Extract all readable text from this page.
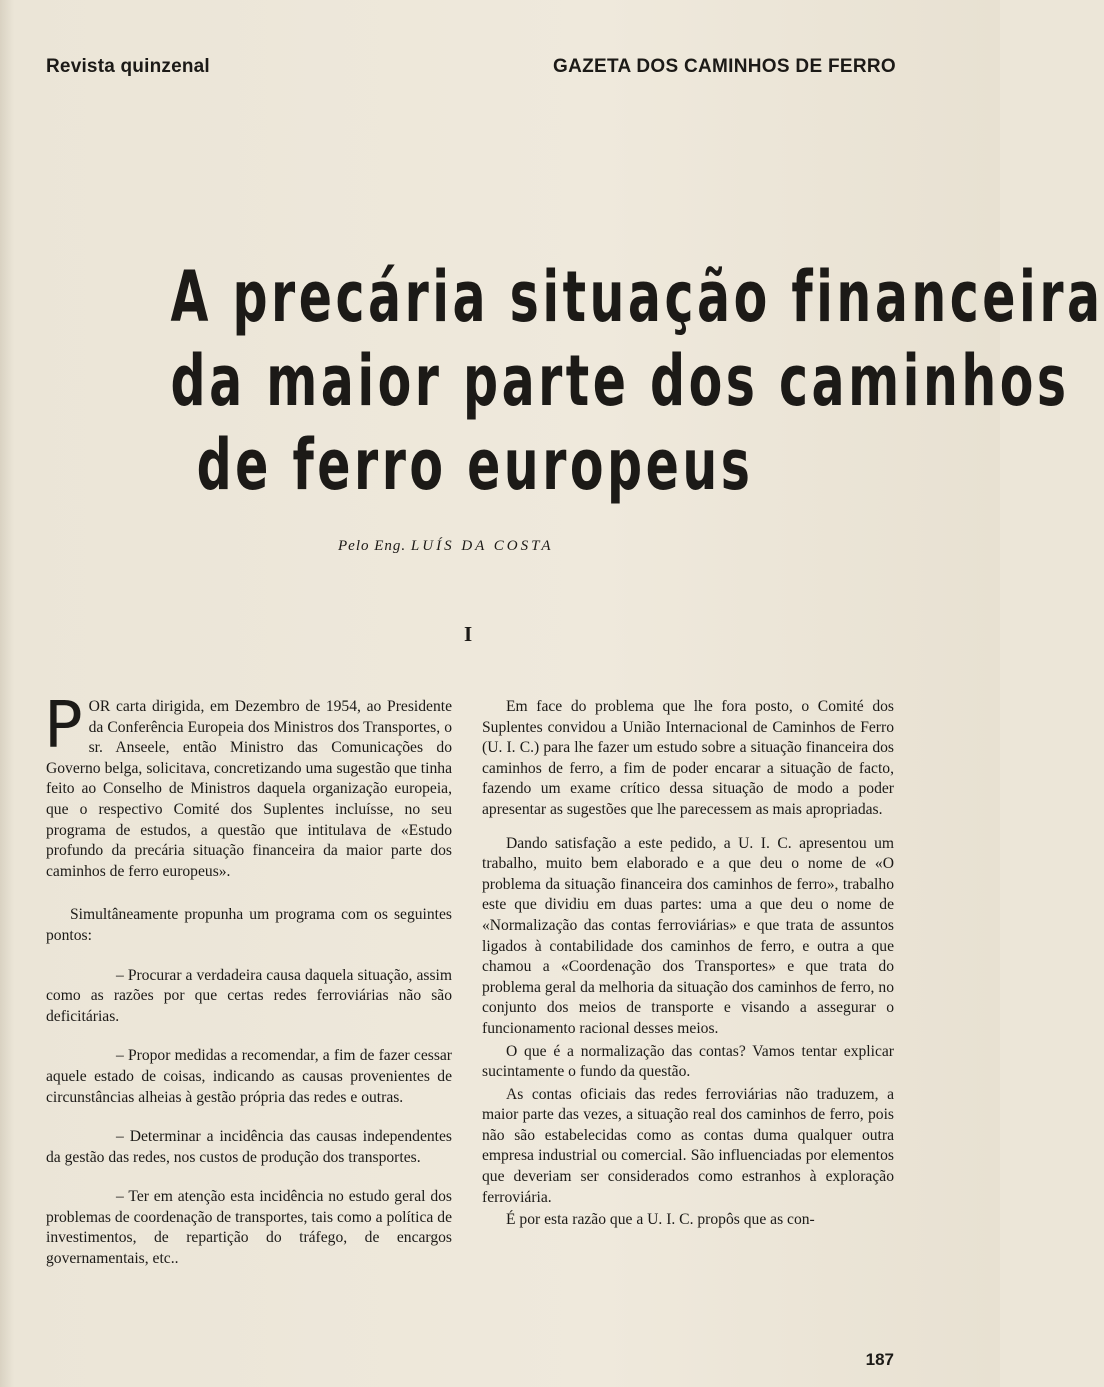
Revista quinzenal	GAZETA DOS CAMINHOS DE FERRO
A precária situação financeira
da maior parte dos caminhos
de ferro europeus
Pelo Eng. LUÍS DA COSTA
I

POR carta dirigida, em Dezembro de 1954, ao Presidente da Conferência Europeia dos Ministros dos Transportes, o sr. Anseele, então Ministro das Comunicações do Governo belga, solicitava, concretizando uma sugestão que tinha feito ao Conselho de Ministros daquela organização europeia, que o respectivo Comité dos Suplentes incluísse, no seu programa de estudos, a questão que intitulava de «Estudo profundo da precária situação financeira da maior parte dos caminhos de ferro europeus».

Simultâneamente propunha um programa com os seguintes pontos:

– Procurar a verdadeira causa daquela situação, assim como as razões por que certas redes ferroviárias não são deficitárias.

– Propor medidas a recomendar, a fim de fazer cessar aquele estado de coisas, indicando as causas provenientes de circunstâncias alheias à gestão própria das redes e outras.

– Determinar a incidência das causas independentes da gestão das redes, nos custos de produção dos transportes.

– Ter em atenção esta incidência no estudo geral dos problemas de coordenação de transportes, tais como a política de investimentos, de repartição do tráfego, de encargos governamentais, etc..

Em face do problema que lhe fora posto, o Comité dos Suplentes convidou a União Internacional de Caminhos de Ferro (U. I. C.) para lhe fazer um estudo sobre a situação financeira dos caminhos de ferro, a fim de poder encarar a situação de facto, fazendo um exame crítico dessa situação de modo a poder apresentar as sugestões que lhe parecessem as mais apropriadas.

Dando satisfação a este pedido, a U. I. C. apresentou um trabalho, muito bem elaborado e a que deu o nome de «O problema da situação financeira dos caminhos de ferro», trabalho este que dividiu em duas partes: uma a que deu o nome de «Normalização das contas ferroviárias» e que trata de assuntos ligados à contabilidade dos caminhos de ferro, e outra a que chamou a «Coordenação dos Transportes» e que trata do problema geral da melhoria da situação dos caminhos de ferro, no conjunto dos meios de transporte e visando a assegurar o funcionamento racional desses meios.

O que é a normalização das contas? Vamos tentar explicar sucintamente o fundo da questão.

As contas oficiais das redes ferroviárias não traduzem, a maior parte das vezes, a situação real dos caminhos de ferro, pois não são estabelecidas como as contas duma qualquer outra empresa industrial ou comercial. São influenciadas por elementos que deveriam ser considerados como estranhos à exploração ferroviária.

É por esta razão que a U. I. C. propôs que as con-

187
